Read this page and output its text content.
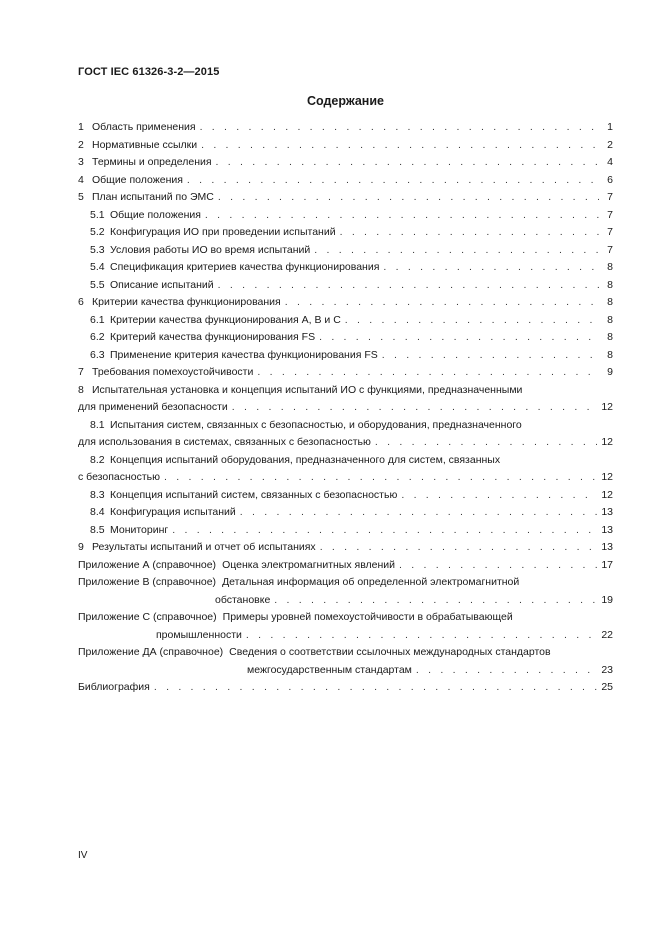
ГОСТ IEC 61326-3-2—2015
Содержание
1 Область применения . . .	1
2 Нормативные ссылки . . .	2
3 Термины и определения . . .	4
4 Общие положения . . .	6
5 План испытаний по ЭМС . . .	7
5.1 Общие положения . . .	7
5.2 Конфигурация ИО при проведении испытаний . . .	7
5.3 Условия работы ИО во время испытаний . . .	7
5.4 Спецификация критериев качества функционирования . . .	8
5.5 Описание испытаний . . .	8
6 Критерии качества функционирования . . .	8
6.1 Критерии качества функционирования А, В и С . . .	8
6.2 Критерий качества функционирования FS . . .	8
6.3 Применение критерия качества функционирования FS . . .	8
7 Требования помехоустойчивости . . .	9
8 Испытательная установка и концепция испытаний ИО с функциями, предназначенными
для применений безопасности . . .	12
8.1 Испытания систем, связанных с безопасностью, и оборудования, предназначенного
для использования в системах, связанных с безопасностью . . .	12
8.2 Концепция испытаний оборудования, предназначенного для систем, связанных
с безопасностью . . .	12
8.3 Концепция испытаний систем, связанных с безопасностью . . .	12
8.4 Конфигурация испытаний . . .	13
8.5 Мониторинг . . .	13
9 Результаты испытаний и отчет об испытаниях . . .	13
Приложение А (справочное) Оценка электромагнитных явлений . . .	17
Приложение В (справочное) Детальная информация об определенной электромагнитной
обстановке . . .	19
Приложение С (справочное) Примеры уровней помехоустойчивости в обрабатывающей
промышленности . . .	22
Приложение ДА (справочное) Сведения о соответствии ссылочных международных стандартов
межгосударственным стандартам . . .	23
Библиография . . .	25
IV
